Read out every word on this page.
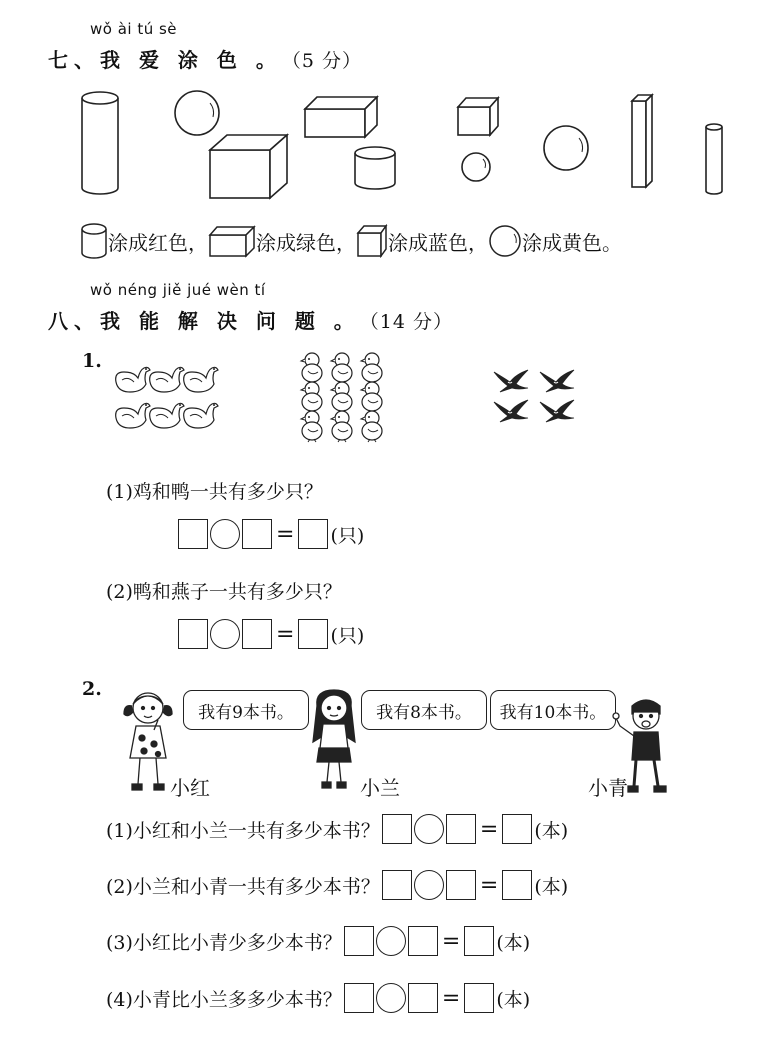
wǒ ài tú sè
七、我 爱 涂 色 。 （5 分）
涂成红色， 涂成绿色， 涂成蓝色， 涂成黄色。
wǒ néng jiě jué wèn tí
八、我 能 解 决 问 题 。 （14 分）
1.
(1)鸡和鸭一共有多少只？
= (只)
(2)鸭和燕子一共有多少只？
= (只)
2.
我有9本书。
小红
我有8本书。
小兰
我有10本书。
小青
(1)小红和小兰一共有多少本书？	= (本)
(2)小兰和小青一共有多少本书？	= (本)
(3)小红比小青少多少本书？	= (本)
(4)小青比小兰多多少本书？	= (本)
